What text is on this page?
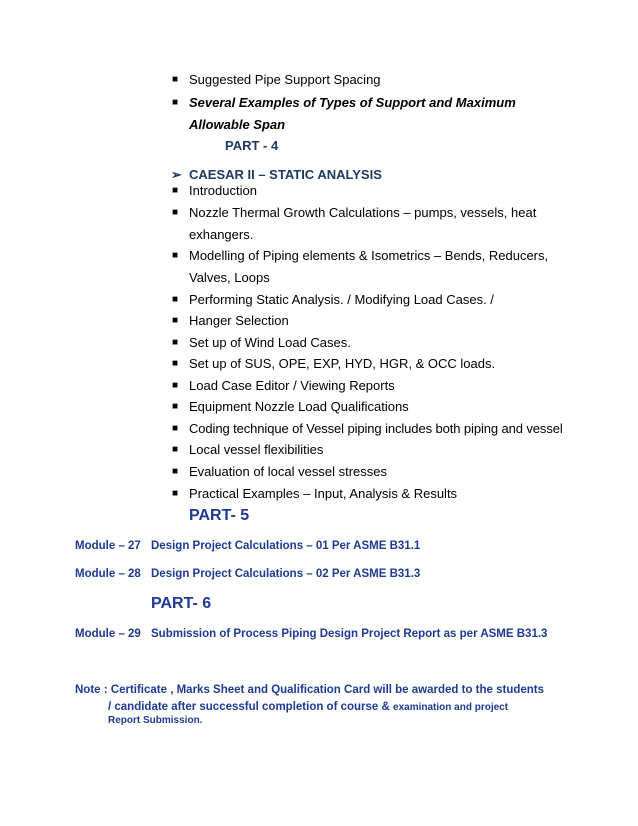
■ Suggested Pipe Support Spacing
■ Several Examples of Types of Support and Maximum
Allowable Span
PART - 4
➢ CAESAR II – STATIC ANALYSIS
■ Introduction
■ Nozzle Thermal Growth Calculations – pumps, vessels, heat
exhangers.
■ Modelling of Piping elements & Isometrics – Bends, Reducers,
Valves, Loops
■ Performing Static Analysis. / Modifying Load Cases. /
■ Hanger Selection
■ Set up of Wind Load Cases.
■ Set up of SUS, OPE, EXP, HYD, HGR, & OCC loads.
■ Load Case Editor / Viewing Reports
■ Equipment Nozzle Load Qualifications
■ Coding technique of Vessel piping includes both piping and vessel
■ Local vessel flexibilities
■ Evaluation of local vessel stresses
■ Practical Examples – Input, Analysis & Results
PART- 5
Module – 27 Design Project Calculations – 01 Per ASME B31.1
Module – 28 Design Project Calculations – 02 Per ASME B31.3
PART- 6
Module – 29 Submission of Process Piping Design Project Report as per ASME B31.3
Note : Certificate , Marks Sheet and Qualification Card will be awarded to the students
/ candidate after successful completion of course & examination and project
Report Submission.
